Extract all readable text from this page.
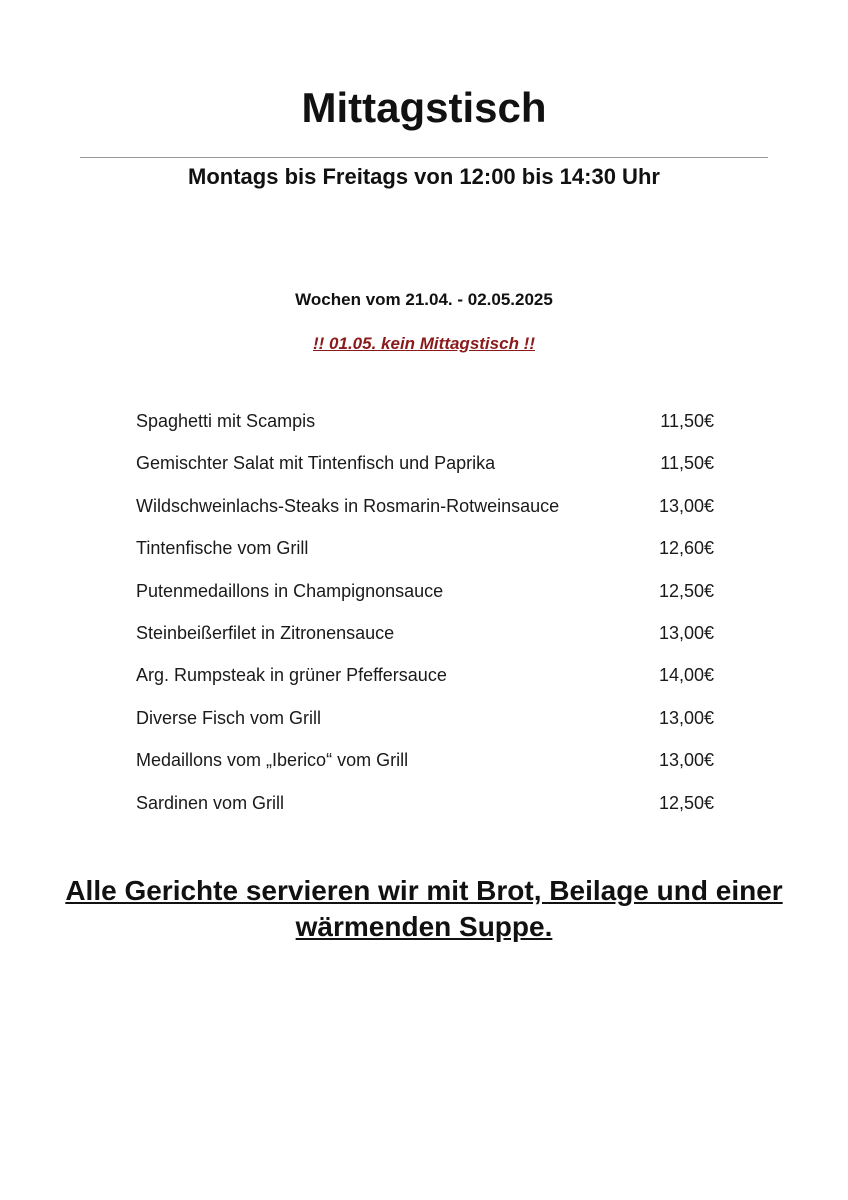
Mittagstisch
Montags bis Freitags von 12:00 bis 14:30 Uhr
Wochen vom 21.04. - 02.05.2025
!! 01.05. kein Mittagstisch !!
Spaghetti mit Scampis	11,50€
Gemischter Salat mit Tintenfisch und Paprika	11,50€
Wildschweinlachs-Steaks in Rosmarin-Rotweinsauce	13,00€
Tintenfische vom Grill	12,60€
Putenmedaillons in Champignonsauce	12,50€
Steinbeißerfilet in Zitronensauce	13,00€
Arg. Rumpsteak in grüner Pfeffersauce	14,00€
Diverse Fisch vom Grill	13,00€
Medaillons vom „Iberico“ vom Grill	13,00€
Sardinen vom Grill	12,50€

Alle Gerichte servieren wir mit Brot, Beilage und einer wärmenden Suppe.
